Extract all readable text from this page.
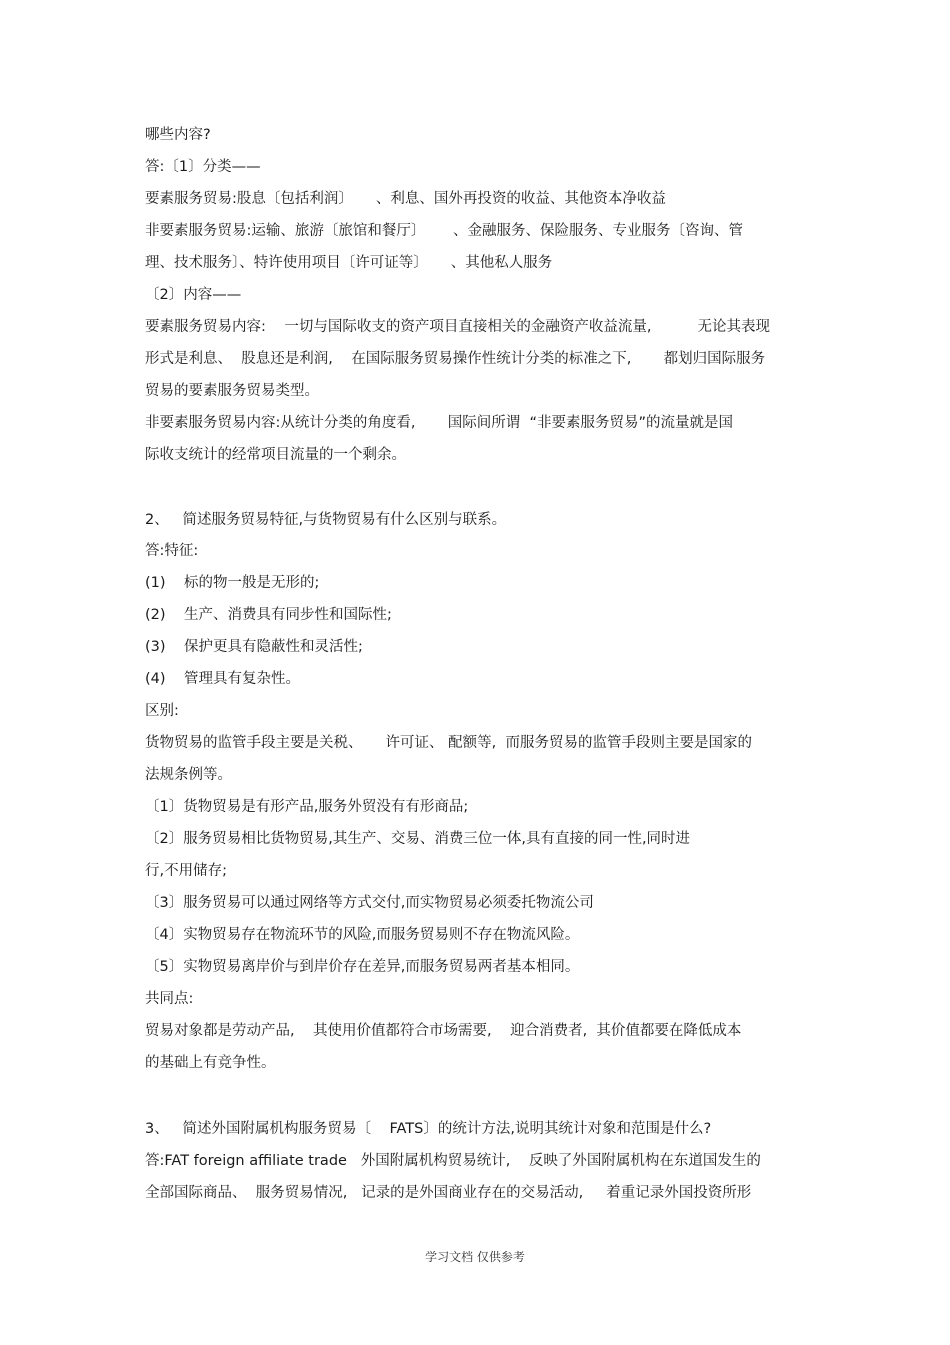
哪些内容?

答:〔1〕分类——

要素服务贸易:股息〔包括利润〕     、利息、国外再投资的收益、其他资本净收益

非要素服务贸易:运输、旅游〔旅馆和餐厅〕      、金融服务、保险服务、专业服务〔咨询、管

理、技术服务〕、特许使用项目〔许可证等〕     、其他私人服务

〔2〕内容——

要素服务贸易内容:    一切与国际收支的资产项目直接相关的金融资产收益流量,          无论其表现

形式是利息、  股息还是利润,    在国际服务贸易操作性统计分类的标准之下,       都划归国际服务

贸易的要素服务贸易类型。

非要素服务贸易内容:从统计分类的角度看,       国际间所谓  “非要素服务贸易”的流量就是国

际收支统计的经常项目流量的一个剩余。

2、   简述服务贸易特征,与货物贸易有什么区别与联系。

答:特征:

(1)    标的物一般是无形的;

(2)    生产、消费具有同步性和国际性;

(3)    保护更具有隐蔽性和灵活性;

(4)    管理具有复杂性。

区别:

货物贸易的监管手段主要是关税、     许可证、 配额等,  而服务贸易的监管手段则主要是国家的

法规条例等。

〔1〕货物贸易是有形产品,服务外贸没有有形商品;

〔2〕服务贸易相比货物贸易,其生产、交易、消费三位一体,具有直接的同一性,同时进

行,不用储存;

〔3〕服务贸易可以通过网络等方式交付,而实物贸易必须委托物流公司

〔4〕实物贸易存在物流环节的风险,而服务贸易则不存在物流风险。

〔5〕实物贸易离岸价与到岸价存在差异,而服务贸易两者基本相同。

共同点:

贸易对象都是劳动产品,    其使用价值都符合市场需要,    迎合消费者,  其价值都要在降低成本

的基础上有竞争性。

3、   简述外国附属机构服务贸易〔    FATS〕的统计方法,说明其统计对象和范围是什么?

答:FAT foreign affiliate trade   外国附属机构贸易统计,    反映了外国附属机构在东道国发生的

全部国际商品、  服务贸易情况,   记录的是外国商业存在的交易活动,     着重记录外国投资所形

学习文档 仅供参考
